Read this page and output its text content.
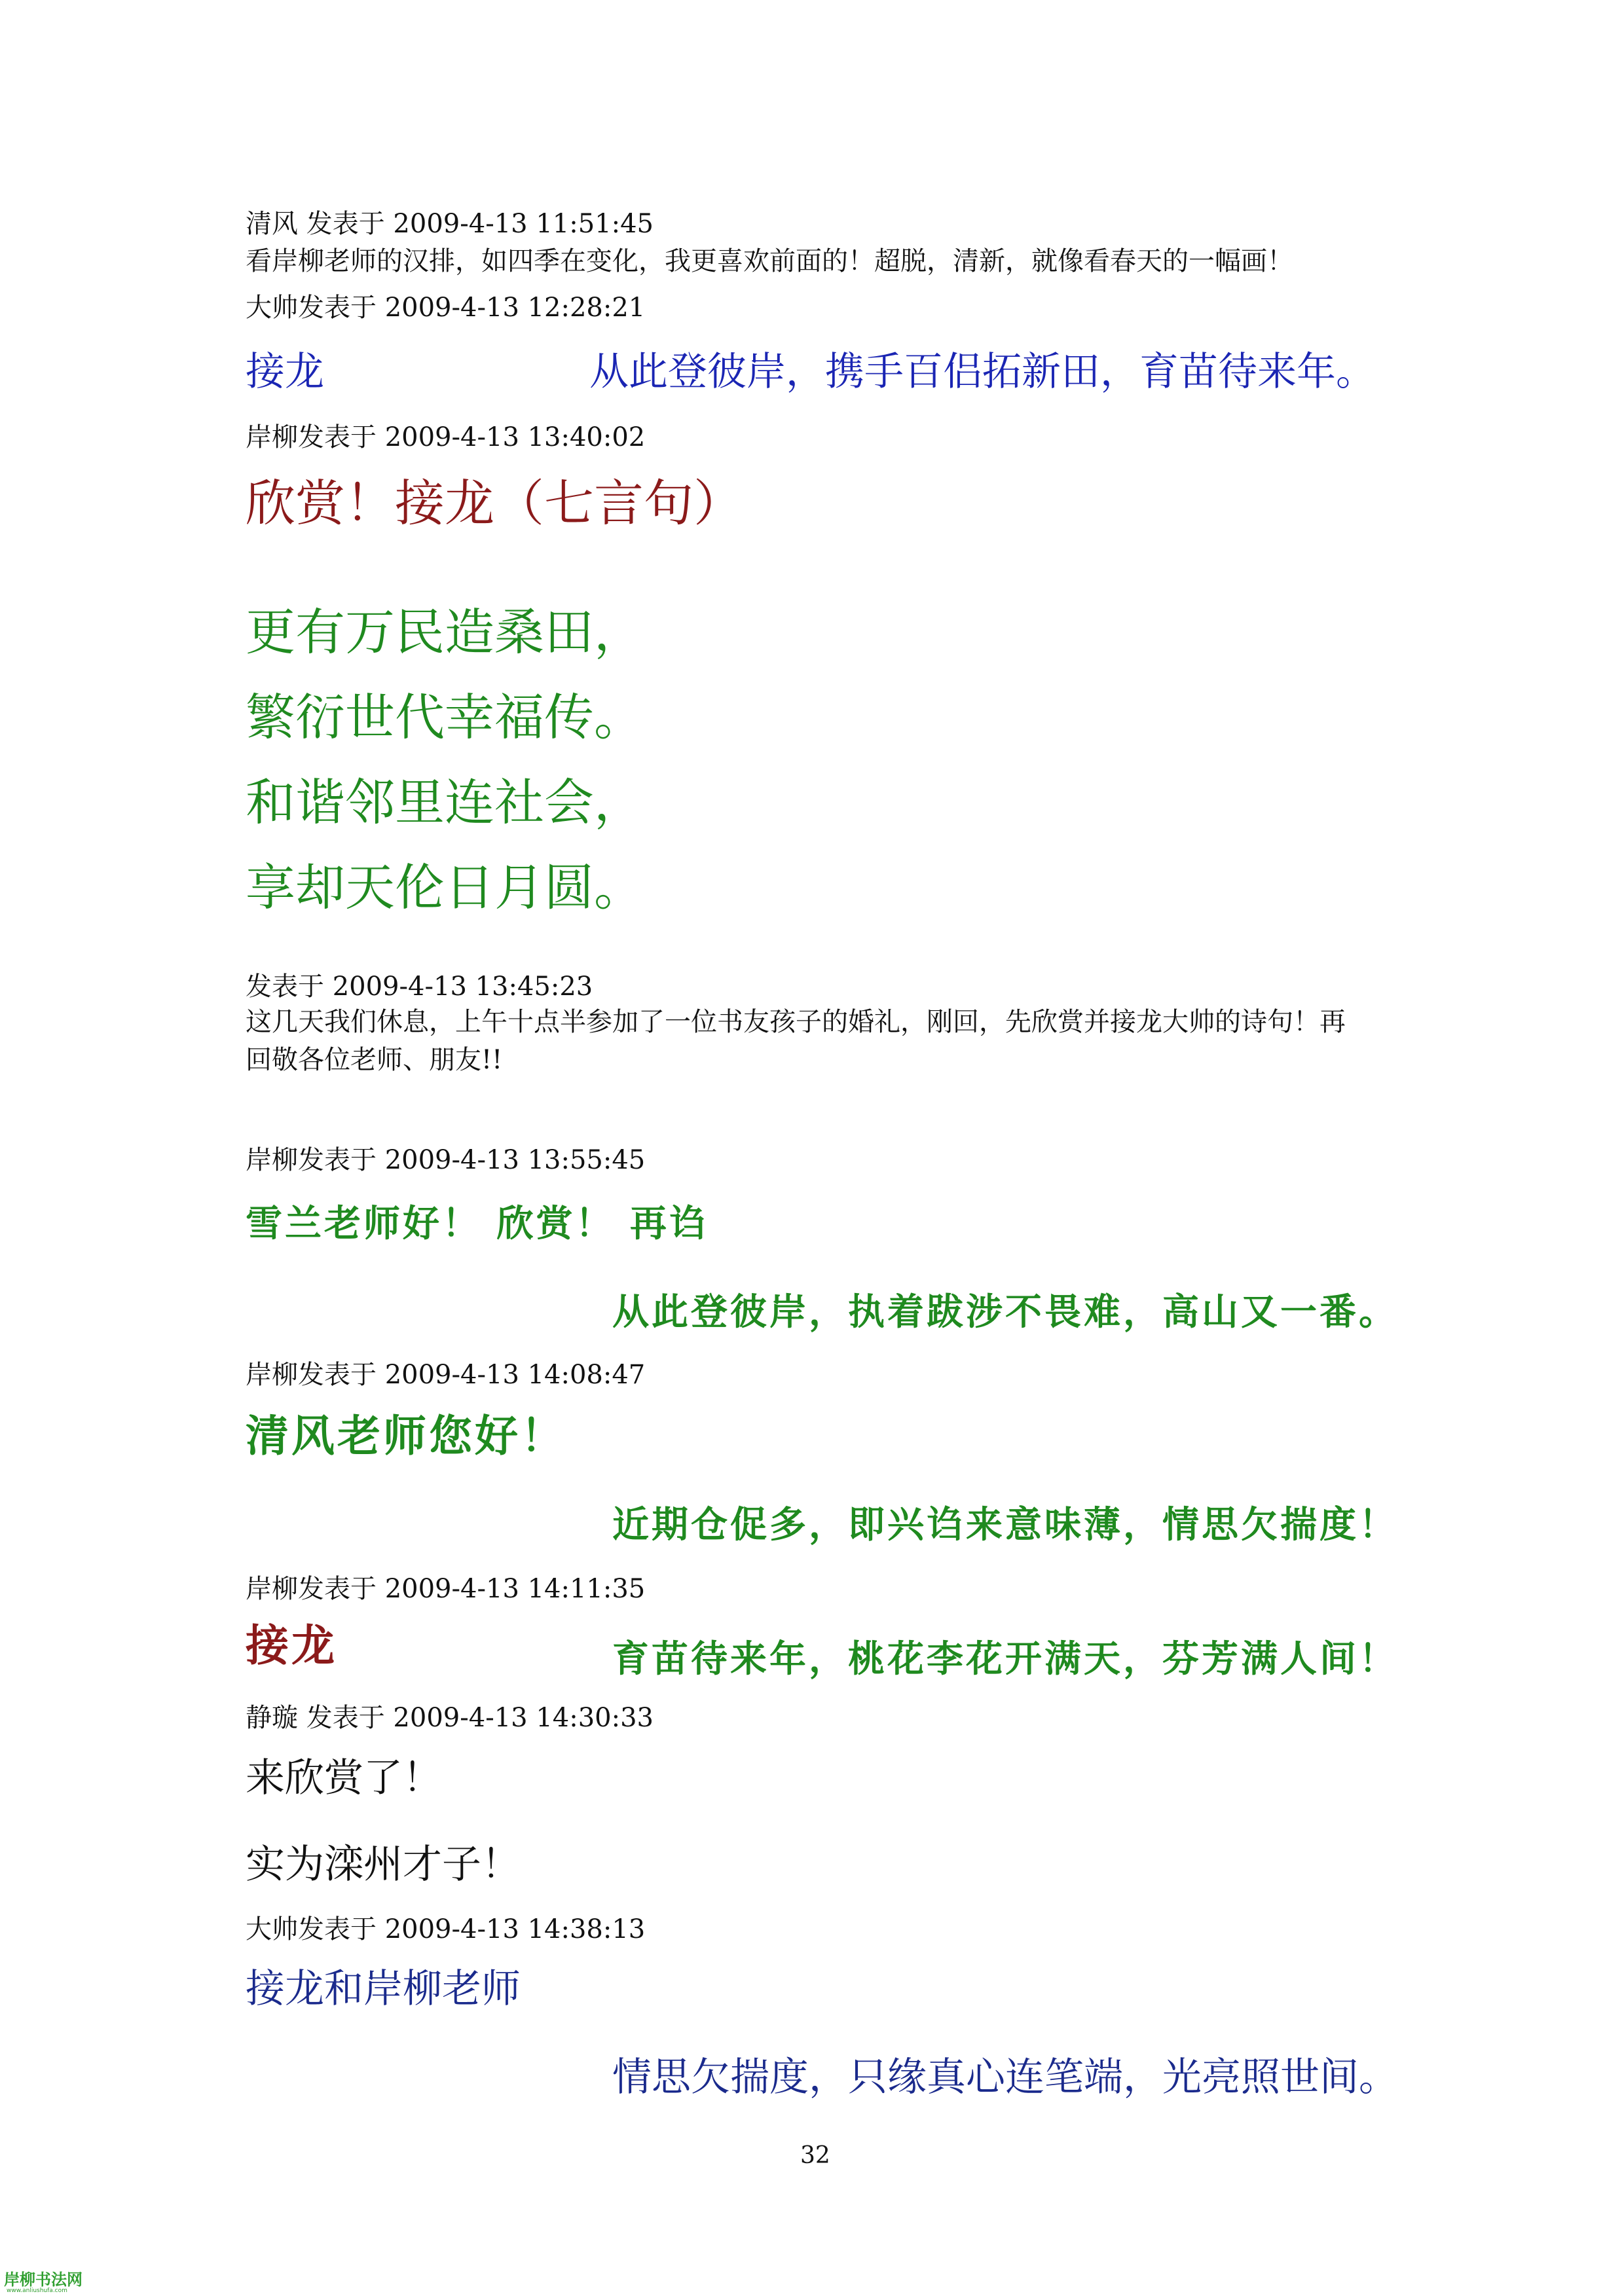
清风 发表于 2009-4-13 11:51:45
看岸柳老师的汉排，如四季在变化，我更喜欢前面的！超脱，清新，就像看春天的一幅画！
大帅发表于 2009-4-13 12:28:21
接龙	从此登彼岸，携手百侣拓新田，育苗待来年。
岸柳发表于 2009-4-13 13:40:02
欣赏！接龙（七言句）
更有万民造桑田，
繁衍世代幸福传。
和谐邻里连社会，
享却天伦日月圆。
发表于 2009-4-13 13:45:23
这几天我们休息，上午十点半参加了一位书友孩子的婚礼，刚回，先欣赏并接龙大帅的诗句！再
回敬各位老师、朋友!!
岸柳发表于 2009-4-13 13:55:45
雪兰老师好！ 欣赏！ 再诌
从此登彼岸，执着跋涉不畏难，高山又一番。
岸柳发表于 2009-4-13 14:08:47
清风老师您好！
近期仓促多，即兴诌来意味薄，情思欠揣度！
岸柳发表于 2009-4-13 14:11:35
接龙	育苗待来年，桃花李花开满天，芬芳满人间！
静璇 发表于 2009-4-13 14:30:33
来欣赏了！
实为滦州才子！
大帅发表于 2009-4-13 14:38:13
接龙和岸柳老师
情思欠揣度，只缘真心连笔端，光亮照世间。
32
岸柳书法网
www.anliushufa.com
